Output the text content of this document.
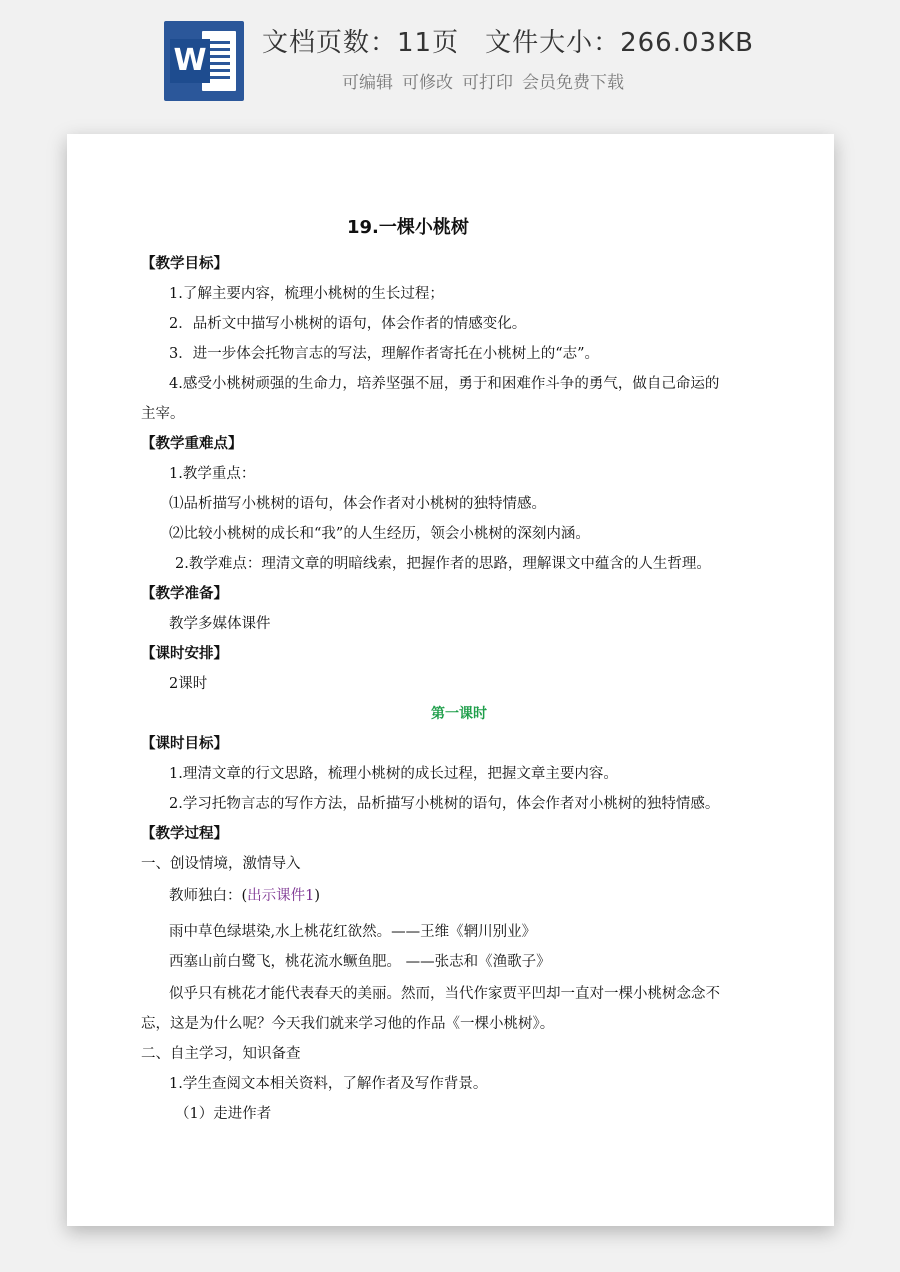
W 文档页数：11页 文件大小：266.03KB
可编辑 可修改 可打印 会员免费下载

19.一棵小桃树

【教学目标】

1.了解主要内容，梳理小桃树的生长过程；

2．品析文中描写小桃树的语句，体会作者的情感变化。

3．进一步体会托物言志的写法，理解作者寄托在小桃树上的“志”。

4.感受小桃树顽强的生命力，培养坚强不屈，勇于和困难作斗争的勇气，做自己命运的

主宰。

【教学重难点】

1.教学重点：

⑴品析描写小桃树的语句，体会作者对小桃树的独特情感。

⑵比较小桃树的成长和“我”的人生经历，领会小桃树的深刻内涵。

2.教学难点：理清文章的明暗线索，把握作者的思路，理解课文中蕴含的人生哲理。

【教学准备】

教学多媒体课件

【课时安排】

2课时

第一课时

【课时目标】

1.理清文章的行文思路，梳理小桃树的成长过程，把握文章主要内容。

2.学习托物言志的写作方法，品析描写小桃树的语句，体会作者对小桃树的独特情感。

【教学过程】

一、创设情境，激情导入

教师独白：(出示课件1)

雨中草色绿堪染,水上桃花红欲然。——王维《辋川别业》

西塞山前白鹭飞，桃花流水鳜鱼肥。 ——张志和《渔歌子》

似乎只有桃花才能代表春天的美丽。然而，当代作家贾平凹却一直对一棵小桃树念念不

忘，这是为什么呢？今天我们就来学习他的作品《一棵小桃树》。

二、自主学习，知识备查

1.学生查阅文本相关资料，了解作者及写作背景。

（1）走进作者
